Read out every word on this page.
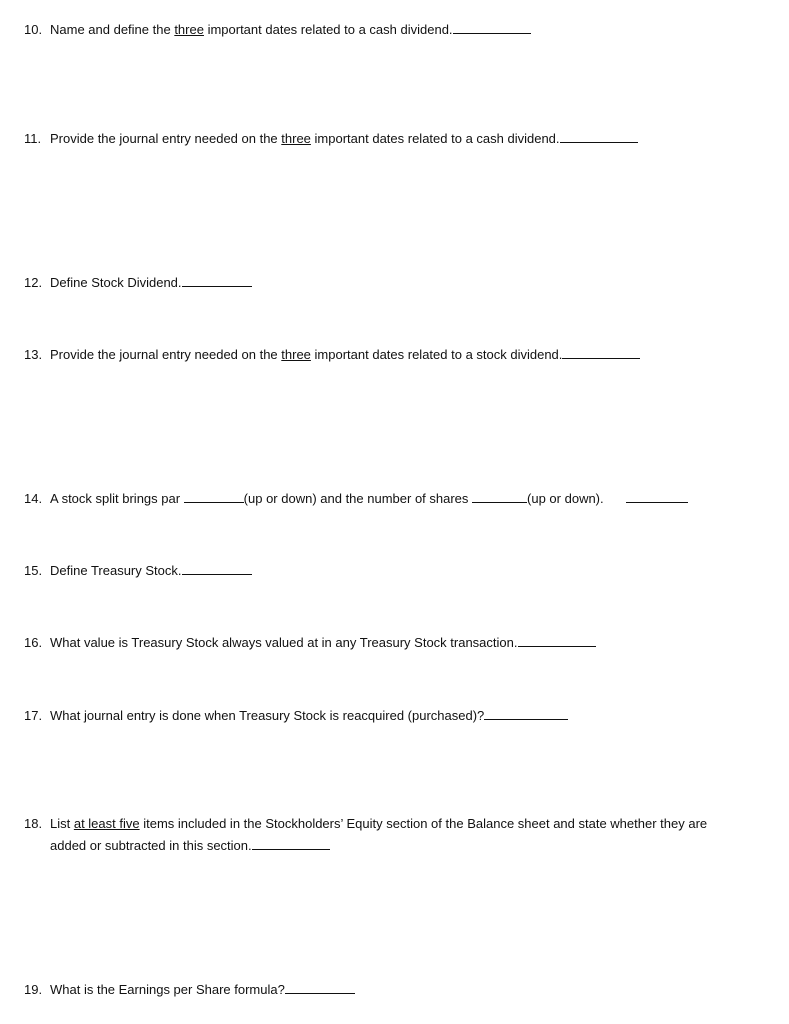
10. Name and define the three important dates related to a cash dividend.
11. Provide the journal entry needed on the three important dates related to a cash dividend.
12. Define Stock Dividend.
13. Provide the journal entry needed on the three important dates related to a stock dividend.
14. A stock split brings par	(up or down) and the number of shares	(up or down).
15. Define Treasury Stock.
16. What value is Treasury Stock always valued at in any Treasury Stock transaction.
17. What journal entry is done when Treasury Stock is reacquired (purchased)?
18. List at least five items included in the Stockholders’ Equity section of the Balance sheet and state whether they are
added or subtracted in this section.
19. What is the Earnings per Share formula?
